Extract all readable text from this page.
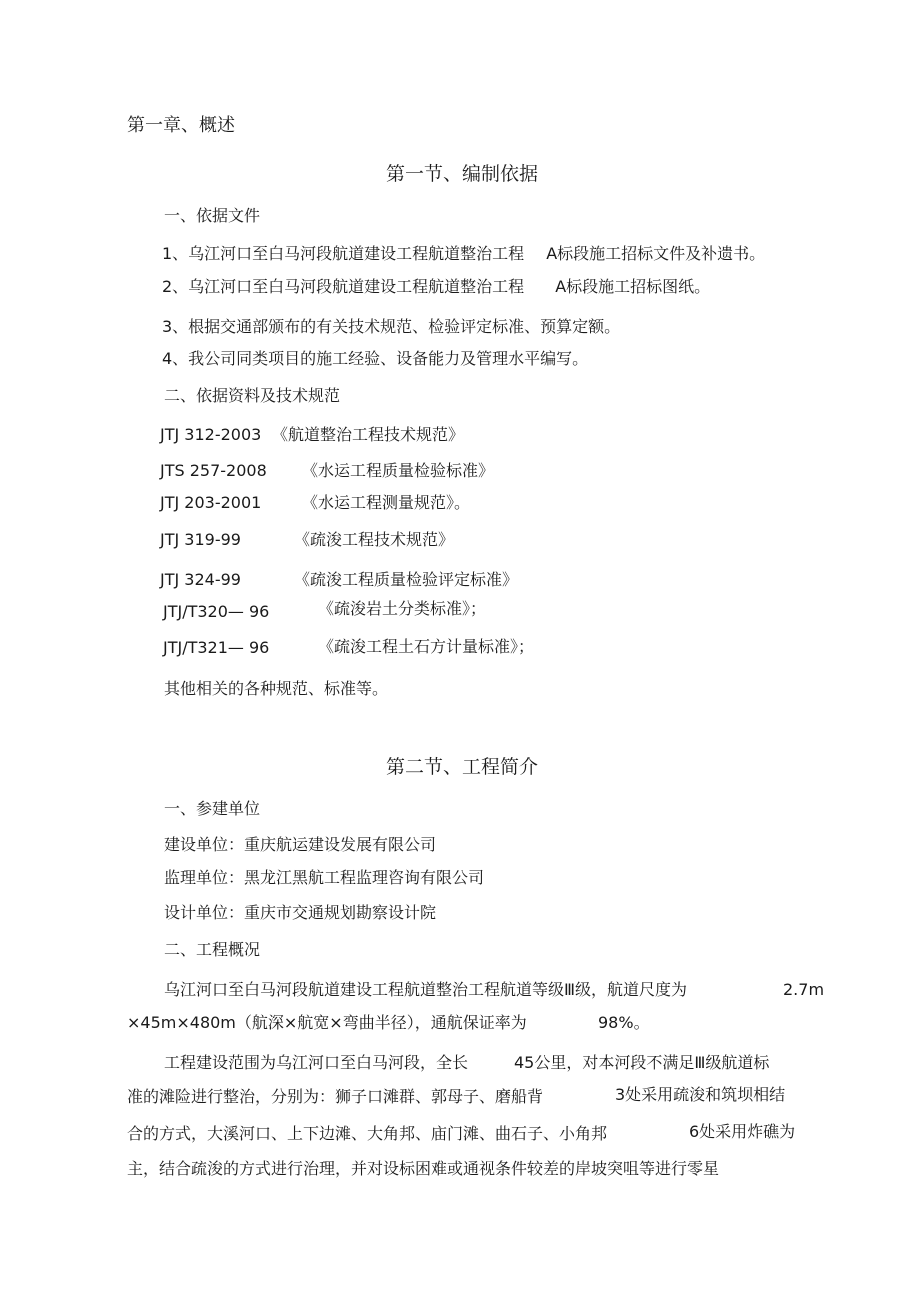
第一章、概述
第一节、编制依据
一、依据文件
1、乌江河口至白马河段航道建设工程航道整治工程 A标段施工招标文件及补遗书。
2、乌江河口至白马河段航道建设工程航道整治工程 A标段施工招标图纸。
3、根据交通部颁布的有关技术规范、检验评定标准、预算定额。
4、我公司同类项目的施工经验、设备能力及管理水平编写。
二、依据资料及技术规范
JTJ 312-2003 《航道整治工程技术规范》
JTS 257-2008 《水运工程质量检验标准》
JTJ 203-2001	《水运工程测量规范》。
JTJ 319-99	《疏浚工程技术规范》
JTJ 324-99	《疏浚工程质量检验评定标准》
JTJ/T320— 96	《疏浚岩土分类标准》；
JTJ/T321— 96	《疏浚工程土石方计量标准》；
其他相关的各种规范、标准等。
第二节、工程简介
一、参建单位
建设单位：重庆航运建设发展有限公司
监理单位：黑龙江黑航工程监理咨询有限公司
设计单位：重庆市交通规划勘察设计院
二、工程概况
乌江河口至白马河段航道建设工程航道整治工程航道等级Ⅲ级，航道尺度为	2.7m
×45m×480m（航深×航宽×弯曲半径），通航保证率为	98%。
工程建设范围为乌江河口至白马河段，全长	45公里，对本河段不满足Ⅲ级航道标
准的滩险进行整治，分别为：狮子口滩群、郭母子、磨船背	3处采用疏浚和筑坝相结
合的方式，大溪河口、上下边滩、大角邦、庙门滩、曲石子、小角邦	6处采用炸礁为
主，结合疏浚的方式进行治理，并对设标困难或通视条件较差的岸坡突咀等进行零星
